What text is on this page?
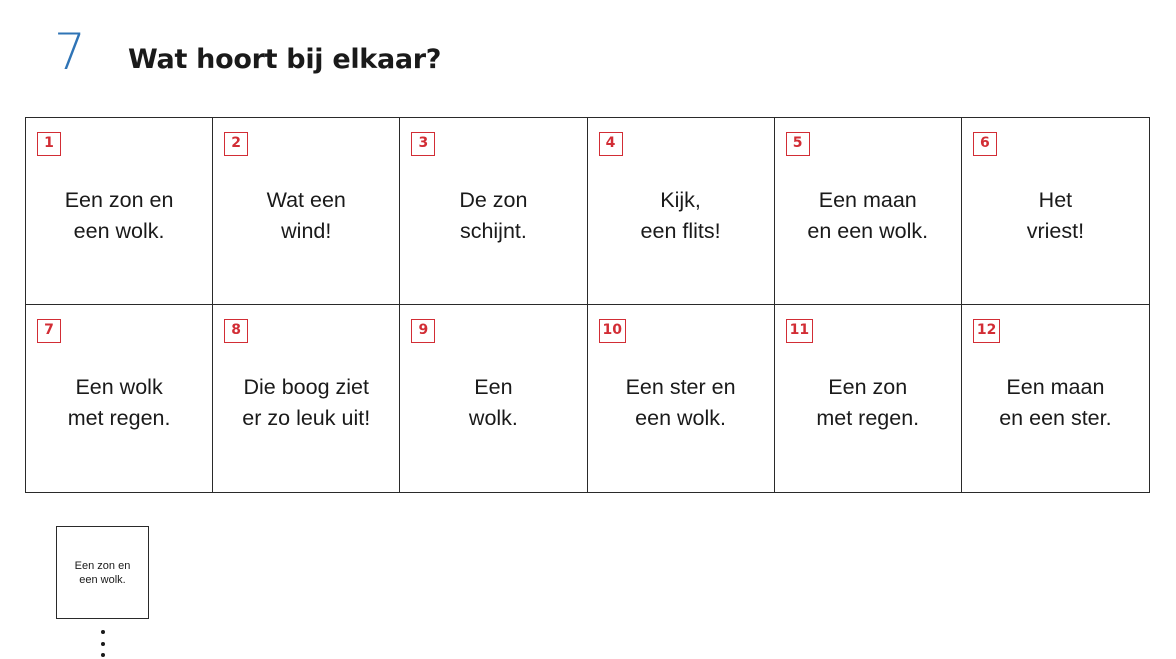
7 Wat hoort bij elkaar?
1
Een zon en
een wolk.
2
Wat een
wind!
3
De zon
schijnt.
4
Kijk,
een flits!
5
Een maan
en een wolk.
6
Het
vriest!
7
Een wolk
met regen.
8
Die boog ziet
er zo leuk uit!
9
Een
wolk.
10
Een ster en
een wolk.
11
Een zon
met regen.
12
Een maan
en een ster.
Een zon en
een wolk.
